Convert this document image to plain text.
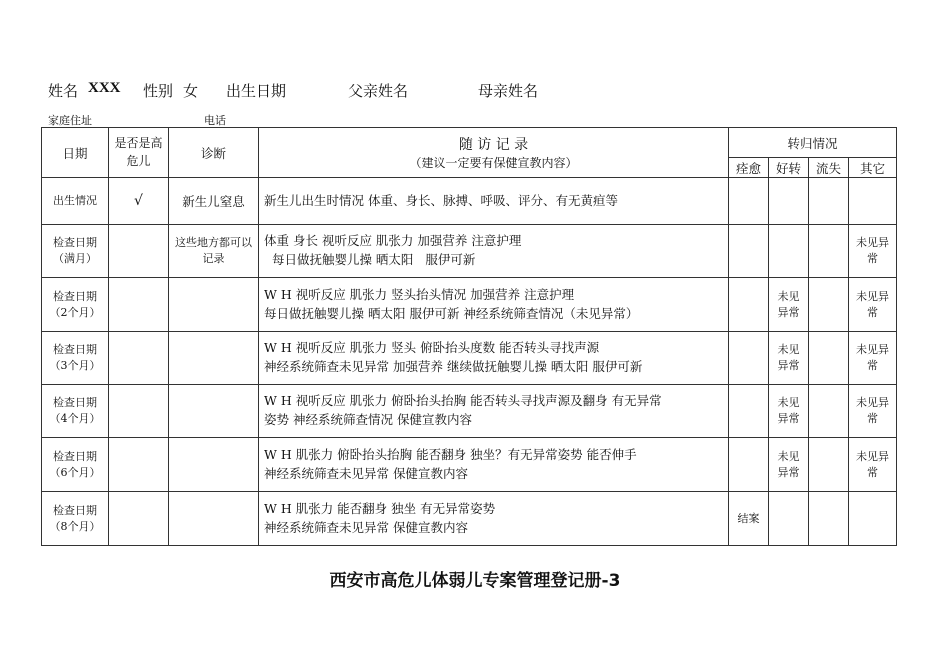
姓名 XXX 性别 女 出生日期	父亲姓名	母亲姓名
家庭住址	电话
日期	是否是高危儿	诊断	随 访 记 录
（建议一定要有保健宣教内容）	转归情况			
				痊愈	好转	流失	其它
出生情况	√	新生儿窒息	新生儿出生时情况 体重、身长、脉搏、呼吸、评分、有无黄疸等				

检查日期（满月）		这些地方都可以记录	体重 身长 视听反应 肌张力 加强营养 注意护理
每日做抚触婴儿操 晒太阳   服伊可新				未见异常
检查日期（2个月）			W H 视听反应 肌张力 竖头抬头情况 加强营养 注意护理
每日做抚触婴儿操 晒太阳 服伊可新 神经系统筛查情况（未见异常）		未见异常		未见异常
检查日期（3个月）			W H 视听反应 肌张力 竖头 俯卧抬头度数 能否转头寻找声源
神经系统筛查未见异常 加强营养 继续做抚触婴儿操 晒太阳 服伊可新		未见异常		未见异常
检查日期（4个月）			W H 视听反应 肌张力 俯卧抬头抬胸 能否转头寻找声源及翻身 有无异常
姿势 神经系统筛查情况 保健宣教内容		未见异常		未见异常
检查日期（6个月）			W H 肌张力 俯卧抬头抬胸 能否翻身 独坐？有无异常姿势 能否伸手
神经系统筛查未见异常 保健宣教内容		未见异常		未见异常
检查日期（8个月）			W H 肌张力 能否翻身 独坐 有无异常姿势
神经系统筛查未见异常 保健宣教内容	结案			
西安市高危儿体弱儿专案管理登记册-3
